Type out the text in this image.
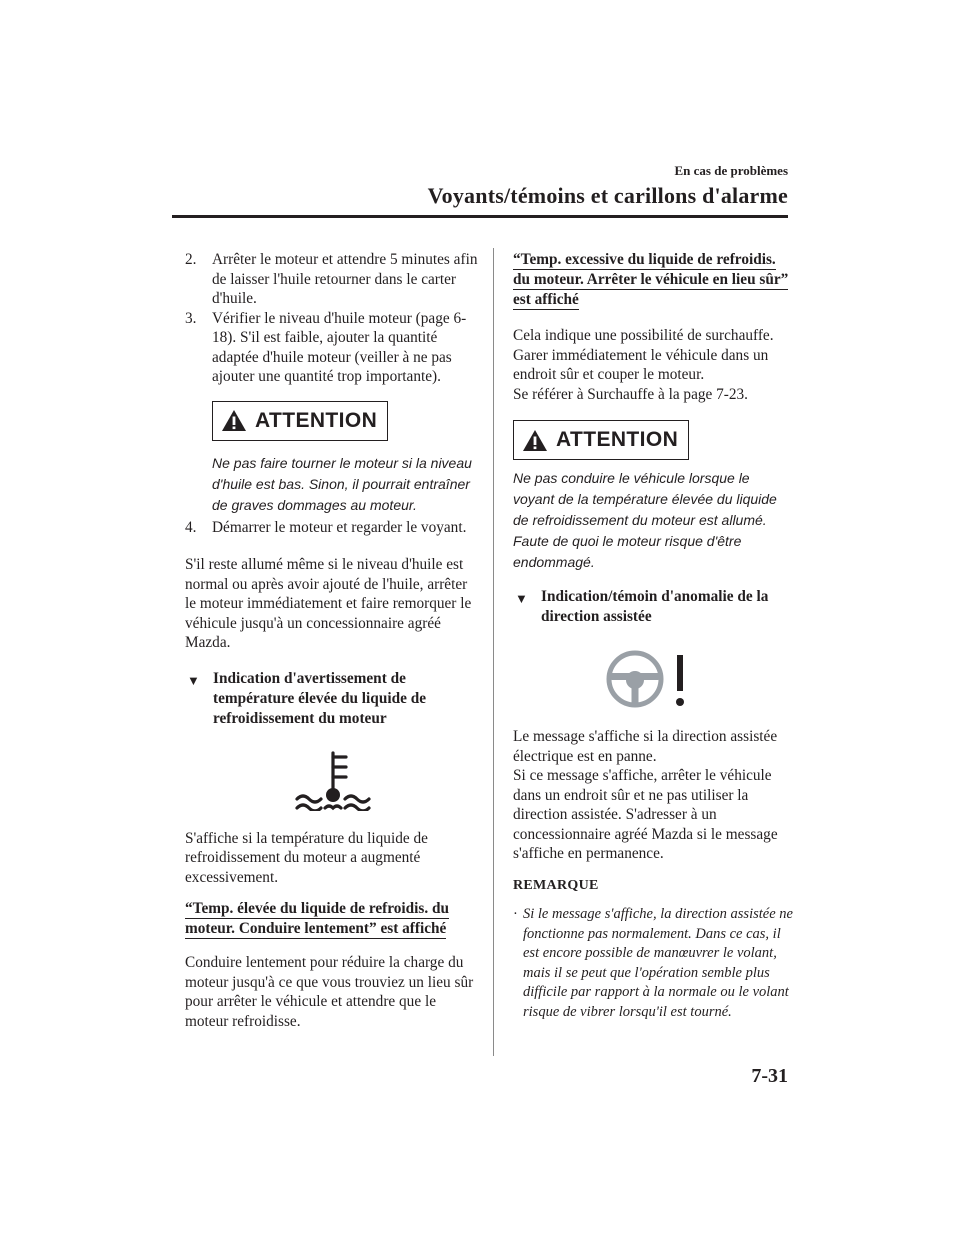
En cas de problèmes
Voyants/témoins et carillons d'alarme
2. Arrêter le moteur et attendre 5 minutes afin de laisser l'huile retourner dans le carter d'huile.
3. Vérifier le niveau d'huile moteur (page 6-18). S'il est faible, ajouter la quantité adaptée d'huile moteur (veiller à ne pas ajouter une quantité trop importante).
ATTENTION
Ne pas faire tourner le moteur si la niveau d'huile est bas. Sinon, il pourrait entraîner de graves dommages au moteur.
4. Démarrer le moteur et regarder le voyant.

S'il reste allumé même si le niveau d'huile est normal ou après avoir ajouté de l'huile, arrêter le moteur immédiatement et faire remorquer le véhicule jusqu'à un concessionnaire agréé Mazda.

▼ Indication d'avertissement de température élevée du liquide de refroidissement du moteur

S'affiche si la température du liquide de refroidissement du moteur a augmenté excessivement.

“Temp. élevée du liquide de refroidis. du moteur. Conduire lentement” est affiché

Conduire lentement pour réduire la charge du moteur jusqu'à ce que vous trouviez un lieu sûr pour arrêter le véhicule et attendre que le moteur refroidisse.

“Temp. excessive du liquide de refroidis. du moteur. Arrêter le véhicule en lieu sûr” est affiché

Cela indique une possibilité de surchauffe. Garer immédiatement le véhicule dans un endroit sûr et couper le moteur.

Se référer à Surchauffe à la page 7-23.

ATTENTION
Ne pas conduire le véhicule lorsque le voyant de la température élevée du liquide de refroidissement du moteur est allumé. Faute de quoi le moteur risque d'être endommagé.
▼ Indication/témoin d'anomalie de la direction assistée

Le message s'affiche si la direction assistée électrique est en panne.

Si ce message s'affiche, arrêter le véhicule dans un endroit sûr et ne pas utiliser la direction assistée. S'adresser à un concessionnaire agréé Mazda si le message s'affiche en permanence.

REMARQUE
· Si le message s'affiche, la direction assistée ne fonctionne pas normalement. Dans ce cas, il est encore possible de manœuvrer le volant, mais il se peut que l'opération semble plus difficile par rapport à la normale ou le volant risque de vibrer lorsqu'il est tourné.
7-31
